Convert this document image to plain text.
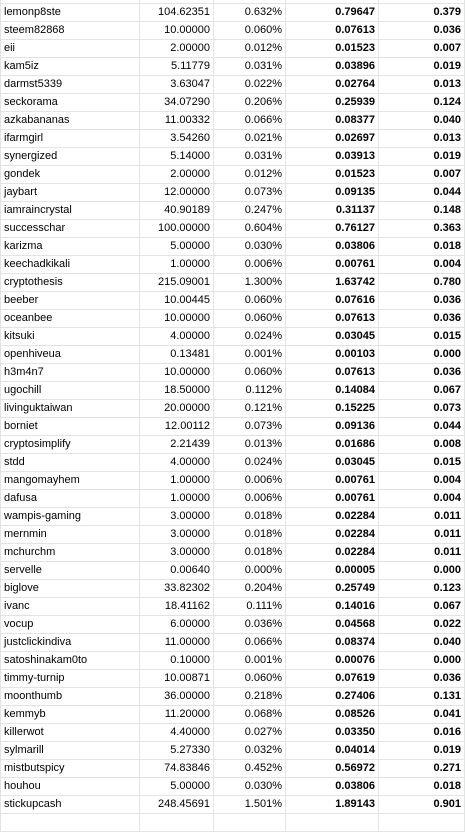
lemonp8ste	104.62351	0.632%	0.79647	0.379
steem82868	10.00000	0.060%	0.07613	0.036
eii	2.00000	0.012%	0.01523	0.007
kam5iz	5.11779	0.031%	0.03896	0.019
darmst5339	3.63047	0.022%	0.02764	0.013
seckorama	34.07290	0.206%	0.25939	0.124
azkabananas	11.00332	0.066%	0.08377	0.040
ifarmgirl	3.54260	0.021%	0.02697	0.013
synergized	5.14000	0.031%	0.03913	0.019
gondek	2.00000	0.012%	0.01523	0.007
jaybart	12.00000	0.073%	0.09135	0.044
iamraincrystal	40.90189	0.247%	0.31137	0.148
successchar	100.00000	0.604%	0.76127	0.363
karizma	5.00000	0.030%	0.03806	0.018
keechadkikali	1.00000	0.006%	0.00761	0.004
cryptothesis	215.09001	1.300%	1.63742	0.780
beeber	10.00445	0.060%	0.07616	0.036
oceanbee	10.00000	0.060%	0.07613	0.036
kitsuki	4.00000	0.024%	0.03045	0.015
openhiveua	0.13481	0.001%	0.00103	0.000
h3m4n7	10.00000	0.060%	0.07613	0.036
ugochill	18.50000	0.112%	0.14084	0.067
livinguktaiwan	20.00000	0.121%	0.15225	0.073
borniet	12.00112	0.073%	0.09136	0.044
cryptosimplify	2.21439	0.013%	0.01686	0.008
stdd	4.00000	0.024%	0.03045	0.015
mangomayhem	1.00000	0.006%	0.00761	0.004
dafusa	1.00000	0.006%	0.00761	0.004
wampis-gaming	3.00000	0.018%	0.02284	0.011
mernmin	3.00000	0.018%	0.02284	0.011
mchurchm	3.00000	0.018%	0.02284	0.011
servelle	0.00640	0.000%	0.00005	0.000
biglove	33.82302	0.204%	0.25749	0.123
ivanc	18.41162	0.111%	0.14016	0.067
vocup	6.00000	0.036%	0.04568	0.022
justclickindiva	11.00000	0.066%	0.08374	0.040
satoshinakam0to	0.10000	0.001%	0.00076	0.000
timmy-turnip	10.00871	0.060%	0.07619	0.036
moonthumb	36.00000	0.218%	0.27406	0.131
kemmyb	11.20000	0.068%	0.08526	0.041
killerwot	4.40000	0.027%	0.03350	0.016
sylmarill	5.27330	0.032%	0.04014	0.019
mistbutspicy	74.83846	0.452%	0.56972	0.271
houhou	5.00000	0.030%	0.03806	0.018
stickupcash	248.45691	1.501%	1.89143	0.901
